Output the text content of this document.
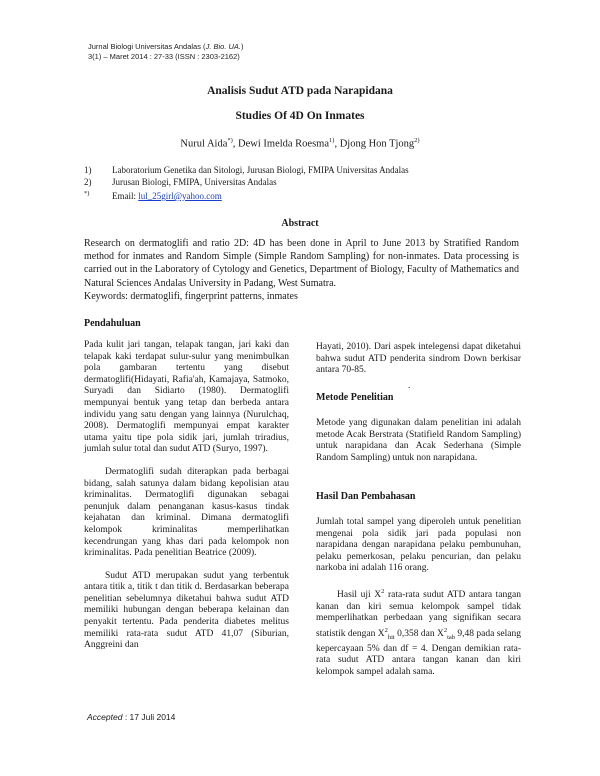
Jurnal Biologi Universitas Andalas (J. Bio. UA.)
3(1) – Maret 2014 : 27-33 (ISSN : 2303-2162)
Analisis Sudut ATD pada Narapidana
Studies Of 4D On Inmates
Nurul Aida*), Dewi Imelda Roesma$^{1)}$, Djong Hon Tjong$^{2)}$
1) Laboratorium Genetika dan Sitologi, Jurusan Biologi, FMIPA Universitas Andalas
2) Jurusan Biologi, FMIPA, Universitas Andalas
*)	Email: lul_25girl@yahoo.com
Abstract

Research on dermatoglifi and ratio 2D: 4D has been done in April to June 2013 by Stratified Random method for inmates and Random Simple (Simple Random Sampling) for non-inmates. Data processing is carried out in the Laboratory of Cytology and Genetics, Department of Biology, Faculty of Mathematics and Natural Sciences Andalas University in Padang, West Sumatra.

Keywords: dermatoglifi, fingerprint patterns, inmates

Pendahuluan

Pada kulit jari tangan, telapak tangan, jari kaki dan telapak kaki terdapat sulur-sulur yang menimbulkan pola gambaran tertentu yang disebut dermatoglifi(Hidayati, Rafia'ah, Kamajaya, Satmoko, Suryadi dan Sidiarto (1980). Dermatoglifi mempunyai bentuk yang tetap dan berbeda antara individu yang satu dengan yang lainnya (Nurulchaq, 2008). Dermatoglifi mempunyai empat karakter utama yaitu tipe pola sidik jari, jumlah triradius, jumlah sulur total dan sudut ATD (Suryo, 1997).

Dermatoglifi sudah diterapkan pada berbagai bidang, salah satunya dalam bidang kepolisian atau kriminalitas. Dermatoglifi digunakan sebagai penunjuk dalam penanganan kasus-kasus tindak kejahatan dan kriminal. Dimana dermatoglifi kelompok kriminalitas memperlihatkan kecendrungan yang khas dari pada kelompok non kriminalitas. Pada penelitian Beatrice (2009).

Sudut ATD merupakan sudut yang terbentuk antara titik a, titik t dan titik d. Berdasarkan beberapa penelitian sebelumnya diketahui bahwa sudut ATD memiliki hubungan dengan beberapa kelainan dan penyakit tertentu. Pada penderita diabetes melitus memiliki rata-rata sudut ATD 41,07 (Siburian, Anggreini dan

Hayati, 2010). Dari aspek intelegensi dapat diketahui bahwa sudut ATD penderita sindrom Down berkisar antara 70-85.

.
Metode Penelitian

Metode yang digunakan dalam penelitian ini adalah metode Acak Berstrata (Statifield Random Sampling) untuk narapidana dan Acak Sederhana (Simple Random Sampling) untuk non narapidana.

Hasil Dan Pembahasan

Jumlah total sampel yang diperoleh untuk penelitian mengenai pola sidik jari pada populasi non narapidana dengan narapidana pelaku pembunuhan, pelaku pemerkosan, pelaku pencurian, dan pelaku narkoba ini adalah 116 orang.

Hasil uji $X^2$ rata-rata sudut ATD antara tangan kanan dan kiri semua kelompok sampel tidak memperlihatkan perbedaan yang signifikan secara statistik dengan $X^2_{hit}$ 0,358 dan $X^2_{tab}$ 9,48 pada selang kepercayaan 5% dan df = 4. Dengan demikian rata-rata sudut ATD antara tangan kanan dan kiri kelompok sampel adalah sama.

Accepted : 17 Juli 2014
